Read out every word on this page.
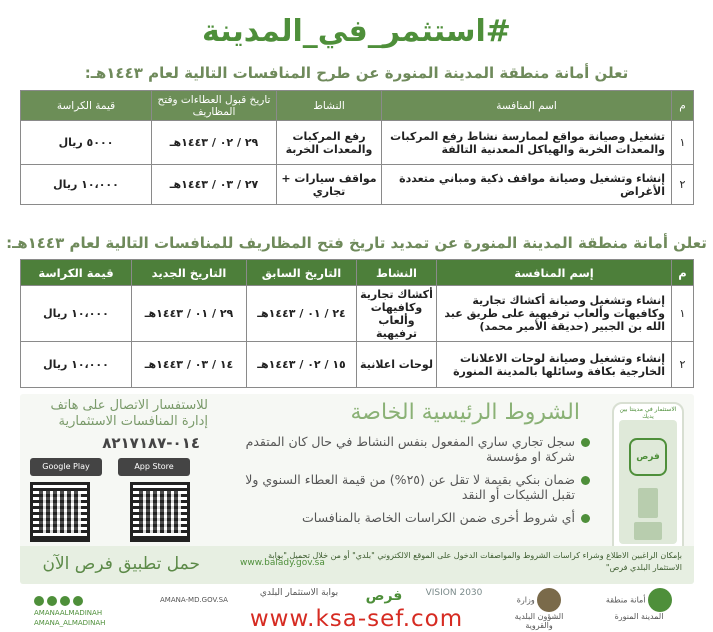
#استثمر_في_المدينة
تعلن أمانة منطقة المدينة المنورة عن طرح المنافسات التالية لعام ١٤٤٣هـ:
م	اسم المنافسة	النشاط	تاريخ قبول العطاءات وفتح المظاريف	قيمة الكراسة
١	تشغيل وصيانة مواقع لممارسة نشاط رفع المركبات والمعدات الخربة والهياكل المعدنية التالفة	رفع المركبات والمعدات الخربة	٢٩ / ٠٢ / ١٤٤٣هـ	٥٠٠٠ ريال
٢	إنشاء وتشغيل وصيانة مواقف ذكية ومباني متعددة الأغراض	مواقف سيارات + تجاري	٢٧ / ٠٣ / ١٤٤٣هـ	١٠،٠٠٠ ريال
تعلن أمانة منطقة المدينة المنورة عن تمديد تاريخ فتح المظاريف للمنافسات التالية لعام ١٤٤٣هـ:
م	إسم المنافسة	النشاط	التاريخ السابق	التاريخ الجديد	قيمة الكراسة
١	إنشاء وتشغيل وصيانة أكشاك تجارية وكافيهات وألعاب ترفيهية على طريق عبد الله بن الجبير (حديقة الأمير محمد)	أكشاك تجارية وكافيهات وألعاب ترفيهية	٢٤ / ٠١ / ١٤٤٣هـ	٢٩ / ٠١ / ١٤٤٣هـ	١٠،٠٠٠ ريال
٢	إنشاء وتشغيل وصيانة لوحات الاعلانات الخارجية بكافة وسائلها بالمدينة المنورة	لوحات اعلانية	١٥ / ٠٢ / ١٤٤٣هـ	١٤ / ٠٣ / ١٤٤٣هـ	١٠،٠٠٠ ريال
الاستثمار في مدينتا بين يديك
فرص
الشروط الرئيسية الخاصة
سجل تجاري ساري المفعول بنفس النشاط في حال كان المتقدم شركة او مؤسسة
ضمان بنكي بقيمة لا تقل عن (٢٥%) من قيمة العطاء السنوي ولا تقبل الشيكات أو النقد
أي شروط أخرى ضمن الكراسات الخاصة بالمنافسات
للاستفسار الاتصال على هاتف
إدارة المنافسات الاستثمارية
٠١٤-٨٢١٧١٨٧
Google Play	App Store
حمل تطبيق فرص الآن	www.balady.gov.sa
بإمكان الراغبين الاطلاع وشراء كراسات الشروط والمواصفات الدخول على الموقع الالكتروني "بلدي" أو من خلال تحميل "بوابة الاستثمار البلدي فرص"
أمانة منطقة المدينة المنورة
وزارة الشؤون البلدية والقروية
VISION 2030
فرص
بوابة الاستثمار البلدي
AMANA-MD.GOV.SA
AMANAALMADINAH
AMANA_ALMADINAH	www.ksa-sef.com
